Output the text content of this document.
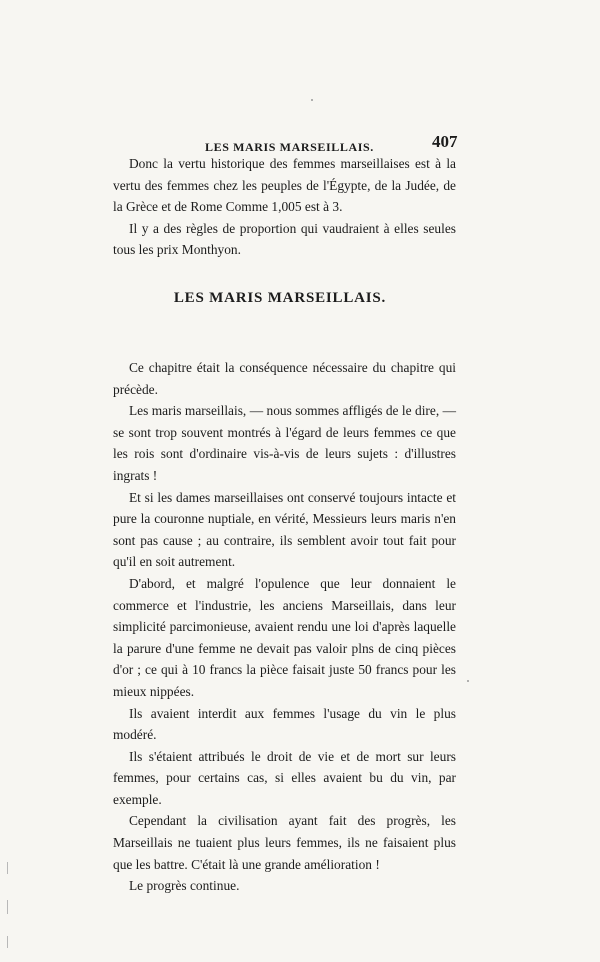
LES MARIS MARSEILLAIS.	407

Donc la vertu historique des femmes marseillaises est à la vertu des femmes chez les peuples de l'Égypte, de la Judée, de la Grèce et de Rome Comme 1,005 est à 3.

Il y a des règles de proportion qui vaudraient à elles seules tous les prix Monthyon.

LES MARIS MARSEILLAIS.

Ce chapitre était la conséquence nécessaire du chapitre qui précède.

Les maris marseillais, — nous sommes affligés de le dire, — se sont trop souvent montrés à l'égard de leurs femmes ce que les rois sont d'ordinaire vis-à-vis de leurs sujets : d'illustres ingrats !

Et si les dames marseillaises ont conservé toujours intacte et pure la couronne nuptiale, en vérité, Messieurs leurs maris n'en sont pas cause ; au contraire, ils semblent avoir tout fait pour qu'il en soit autrement.

D'abord, et malgré l'opulence que leur donnaient le commerce et l'industrie, les anciens Marseillais, dans leur simplicité parcimonieuse, avaient rendu une loi d'après laquelle la parure d'une femme ne devait pas valoir plns de cinq pièces d'or ; ce qui à 10 francs la pièce faisait juste 50 francs pour les mieux nippées.

Ils avaient interdit aux femmes l'usage du vin le plus modéré.

Ils s'étaient attribués le droit de vie et de mort sur leurs femmes, pour certains cas, si elles avaient bu du vin, par exemple.

Cependant la civilisation ayant fait des progrès, les Marseillais ne tuaient plus leurs femmes, ils ne faisaient plus que les battre. C'était là une grande amélioration !

Le progrès continue.
